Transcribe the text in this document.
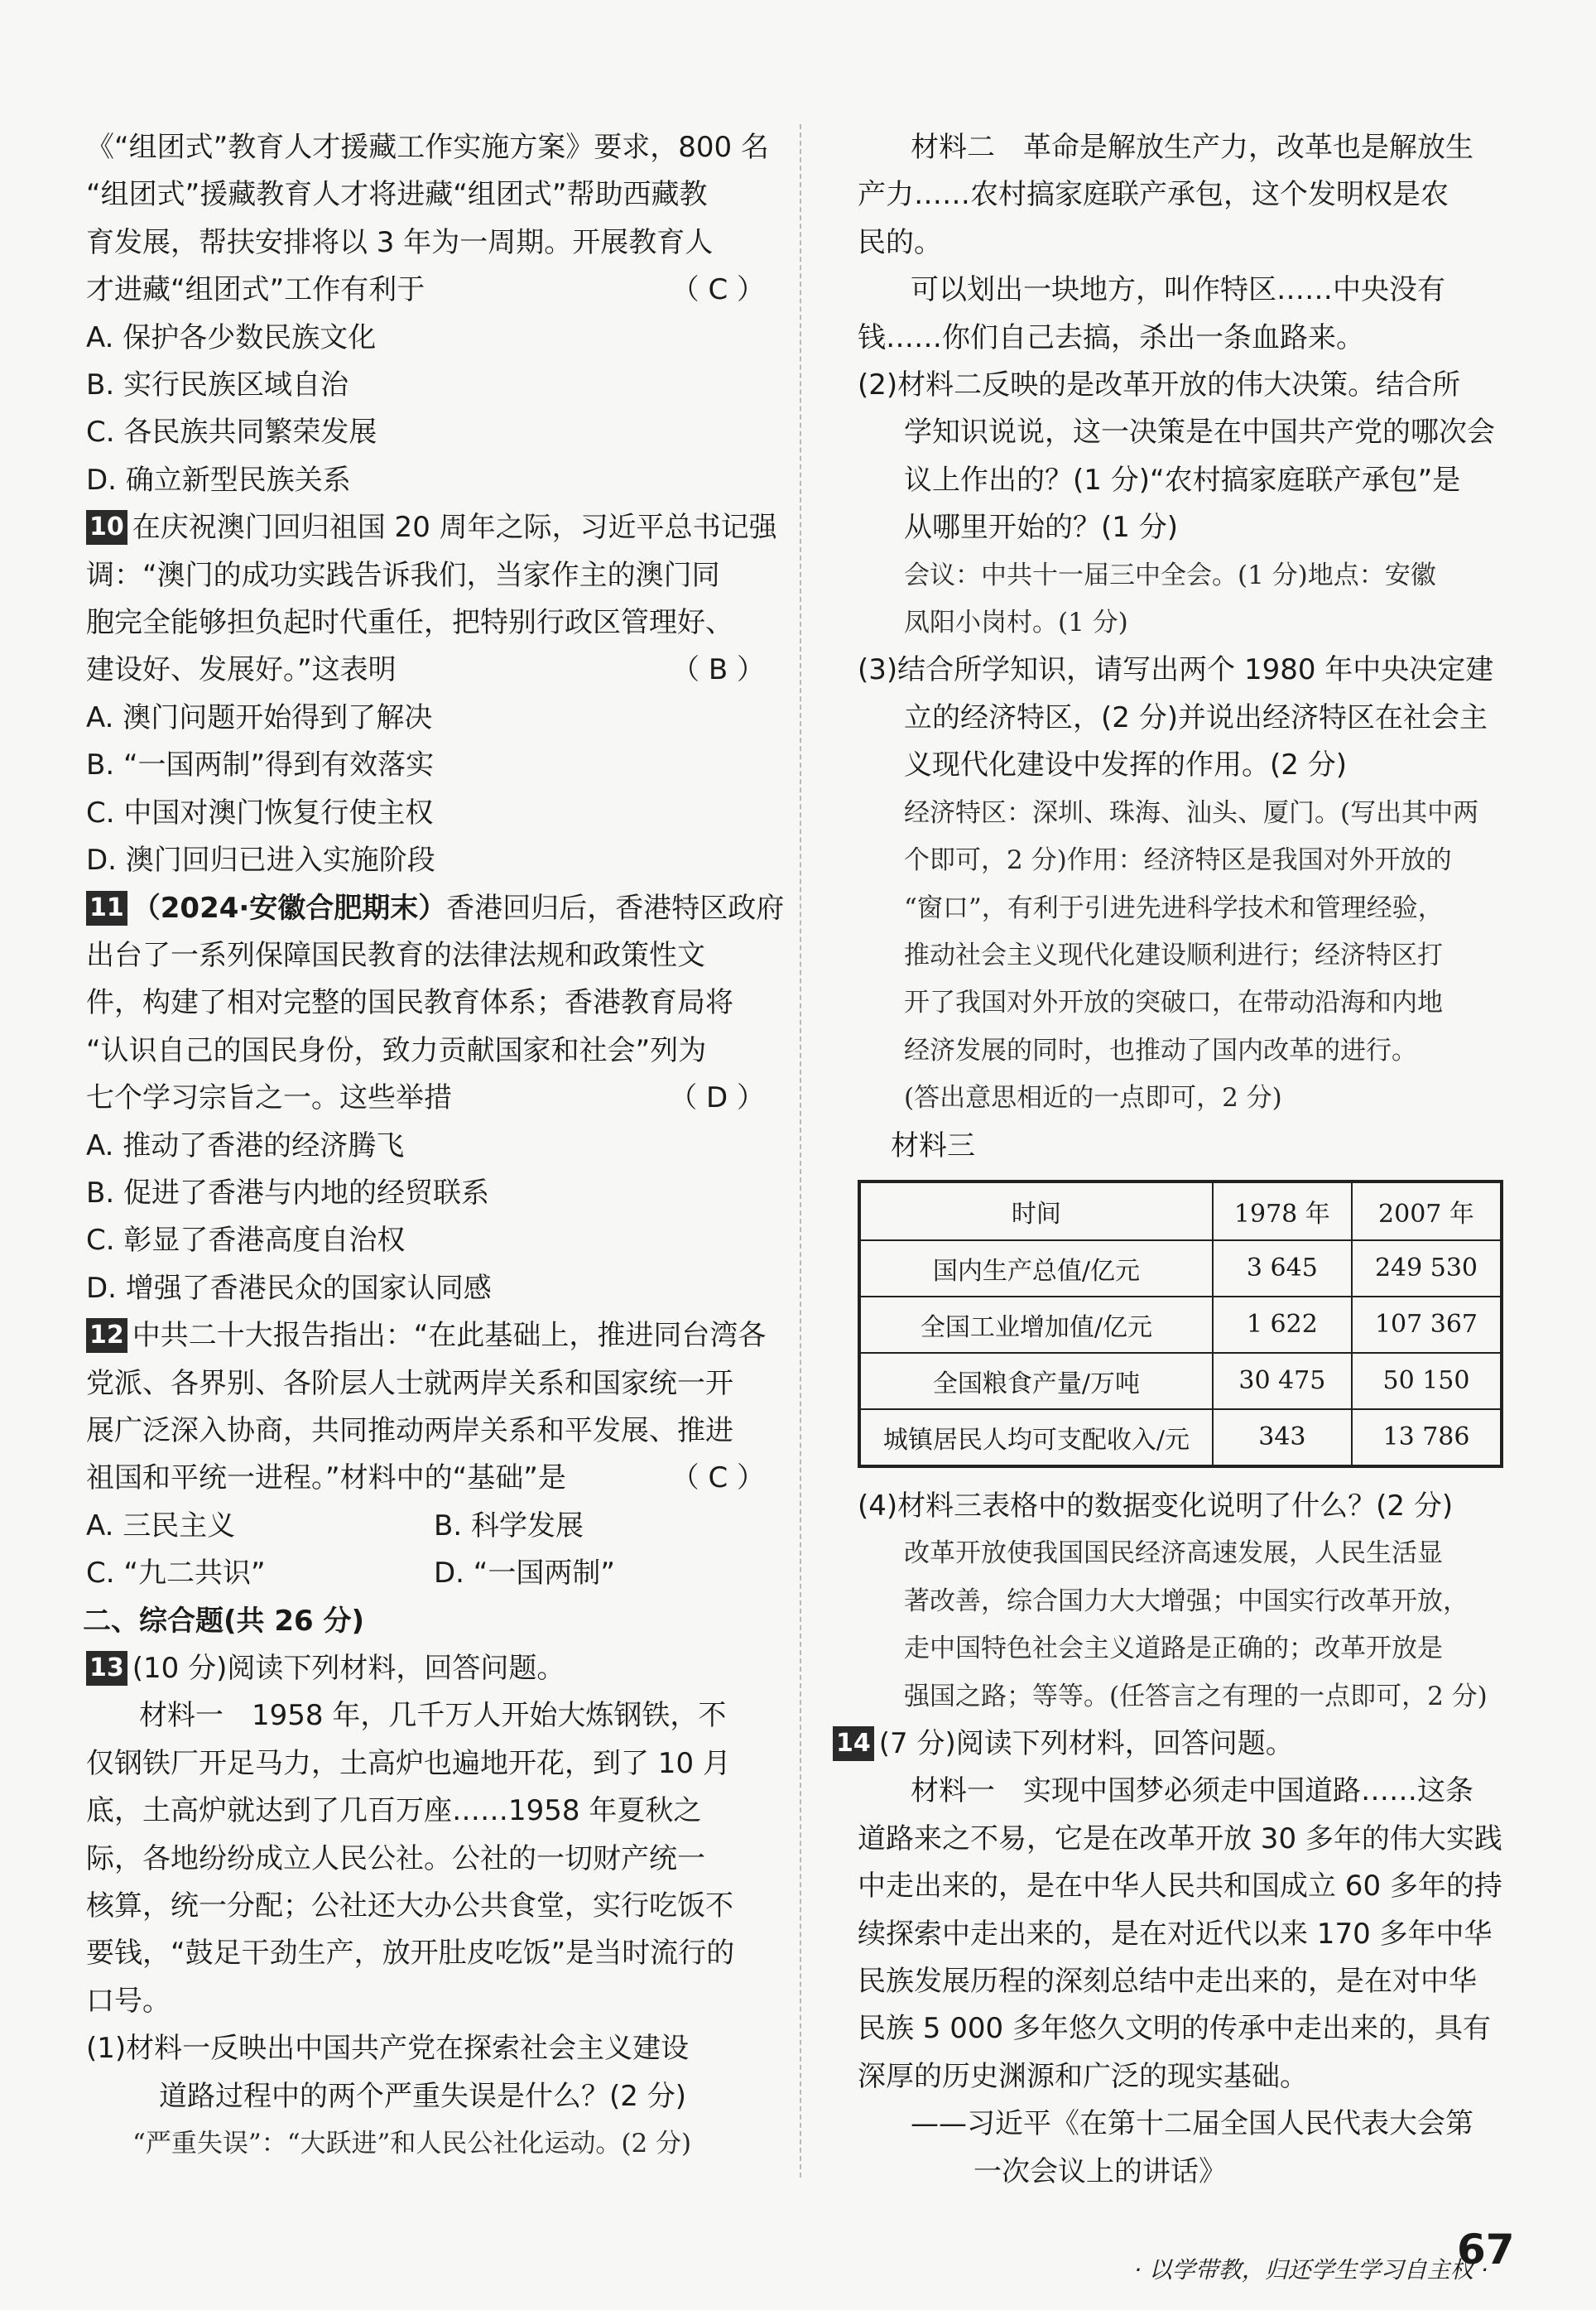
《“组团式”教育人才援藏工作实施方案》要求，800 名
“组团式”援藏教育人才将进藏“组团式”帮助西藏教
育发展，帮扶安排将以 3 年为一周期。开展教育人
才进藏“组团式”工作有利于	（ C ）
A. 保护各少数民族文化
B. 实行民族区域自治
C. 各民族共同繁荣发展
D. 确立新型民族关系
10 在庆祝澳门回归祖国 20 周年之际，习近平总书记强
调：“澳门的成功实践告诉我们，当家作主的澳门同
胞完全能够担负起时代重任，把特别行政区管理好、
建设好、发展好。”这表明	（ B ）
A. 澳门问题开始得到了解决
B. “一国两制”得到有效落实
C. 中国对澳门恢复行使主权
D. 澳门回归已进入实施阶段
11 （2024·安徽合肥期末）香港回归后，香港特区政府
出台了一系列保障国民教育的法律法规和政策性文
件，构建了相对完整的国民教育体系；香港教育局将
“认识自己的国民身份，致力贡献国家和社会”列为
七个学习宗旨之一。这些举措	（ D ）
A. 推动了香港的经济腾飞
B. 促进了香港与内地的经贸联系
C. 彰显了香港高度自治权
D. 增强了香港民众的国家认同感
12 中共二十大报告指出：“在此基础上，推进同台湾各
党派、各界别、各阶层人士就两岸关系和国家统一开
展广泛深入协商，共同推动两岸关系和平发展、推进
祖国和平统一进程。”材料中的“基础”是	（ C ）
A. 三民主义	B. 科学发展
C. “九二共识”	D. “一国两制”
二、综合题(共 26 分)
13 (10 分)阅读下列材料，回答问题。
材料一　1958 年，几千万人开始大炼钢铁，不
仅钢铁厂开足马力，土高炉也遍地开花，到了 10 月
底，土高炉就达到了几百万座……1958 年夏秋之
际，各地纷纷成立人民公社。公社的一切财产统一
核算，统一分配；公社还大办公共食堂，实行吃饭不
要钱，“鼓足干劲生产，放开肚皮吃饭”是当时流行的
口号。
(1)材料一反映出中国共产党在探索社会主义建设
道路过程中的两个严重失误是什么？(2 分)
“严重失误”：“大跃进”和人民公社化运动。(2 分)
材料二　革命是解放生产力，改革也是解放生
产力……农村搞家庭联产承包，这个发明权是农
民的。
可以划出一块地方，叫作特区……中央没有
钱……你们自己去搞，杀出一条血路来。
(2)材料二反映的是改革开放的伟大决策。结合所
学知识说说，这一决策是在中国共产党的哪次会
议上作出的？(1 分)“农村搞家庭联产承包”是
从哪里开始的？(1 分)
会议：中共十一届三中全会。(1 分)地点：安徽
凤阳小岗村。(1 分)
(3)结合所学知识，请写出两个 1980 年中央决定建
立的经济特区，(2 分)并说出经济特区在社会主
义现代化建设中发挥的作用。(2 分)
经济特区：深圳、珠海、汕头、厦门。(写出其中两
个即可，2 分)作用：经济特区是我国对外开放的
“窗口”，有利于引进先进科学技术和管理经验，
推动社会主义现代化建设顺利进行；经济特区打
开了我国对外开放的突破口，在带动沿海和内地
经济发展的同时，也推动了国内改革的进行。
(答出意思相近的一点即可，2 分)
材料三
时间	1978 年	2007 年
国内生产总值/亿元	3 645	249 530
全国工业增加值/亿元	1 622	107 367
全国粮食产量/万吨	30 475	50 150
城镇居民人均可支配收入/元	343	13 786
(4)材料三表格中的数据变化说明了什么？(2 分)
改革开放使我国国民经济高速发展，人民生活显
著改善，综合国力大大增强；中国实行改革开放，
走中国特色社会主义道路是正确的；改革开放是
强国之路；等等。(任答言之有理的一点即可，2 分)
14 (7 分)阅读下列材料，回答问题。
材料一　实现中国梦必须走中国道路……这条
道路来之不易，它是在改革开放 30 多年的伟大实践
中走出来的，是在中华人民共和国成立 60 多年的持
续探索中走出来的，是在对近代以来 170 多年中华
民族发展历程的深刻总结中走出来的，是在对中华
民族 5 000 多年悠久文明的传承中走出来的，具有
深厚的历史渊源和广泛的现实基础。
——习近平《在第十二届全国人民代表大会第
一次会议上的讲话》
· 以学带教，归还学生学习自主权 ·
67
